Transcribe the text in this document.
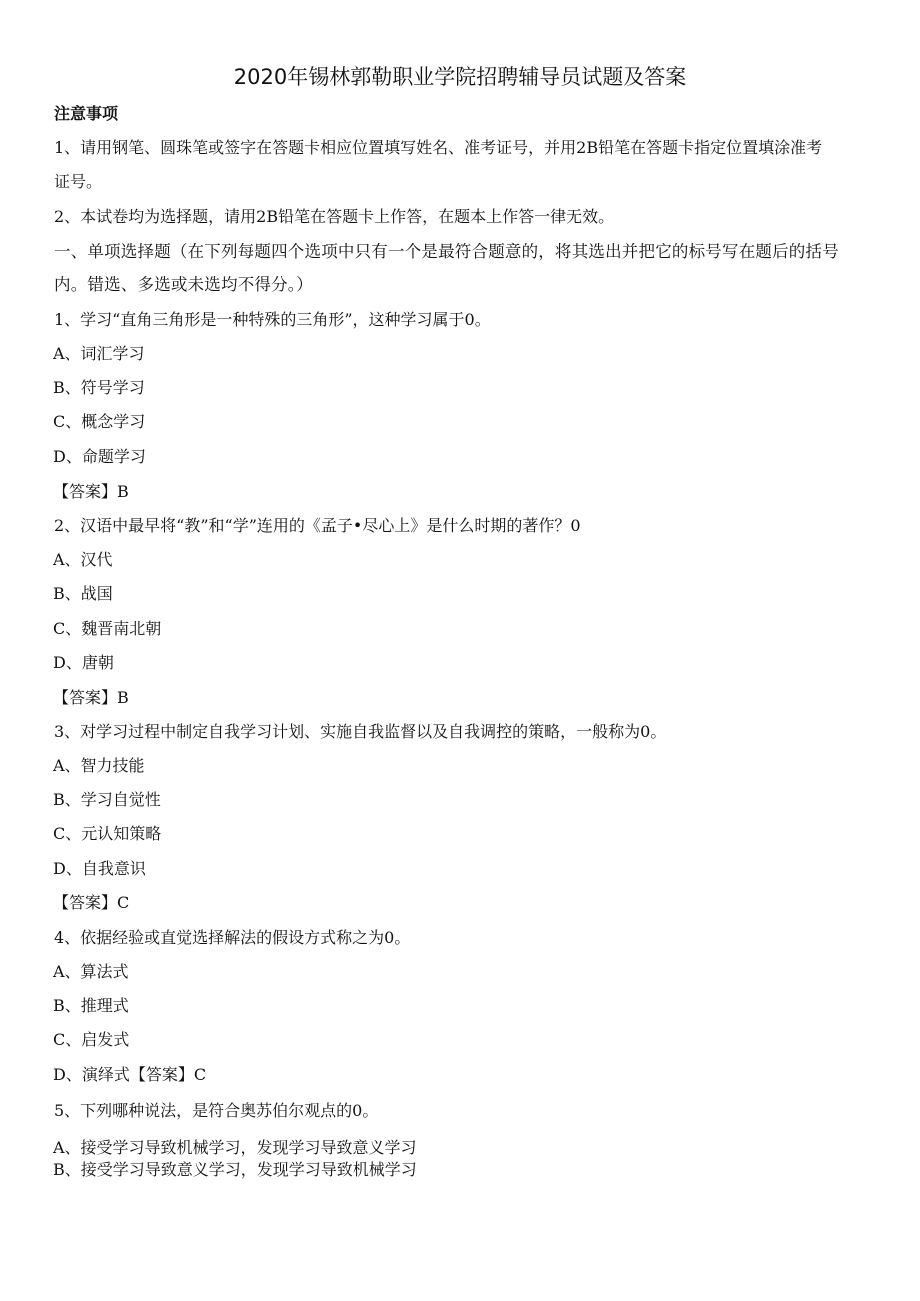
2020年锡林郭勒职业学院招聘辅导员试题及答案
注意事项
1、请用钢笔、圆珠笔或签字在答题卡相应位置填写姓名、准考证号，并用2B铅笔在答题卡指定位置填涂准考
证号。
2、本试卷均为选择题，请用2B铅笔在答题卡上作答，在题本上作答一律无效。
一、单项选择题（在下列每题四个选项中只有一个是最符合题意的，将其选出并把它的标号写在题后的括号
内。错选、多选或未选均不得分。）
1、学习“直角三角形是一种特殊的三角形”，这种学习属于0。
A、词汇学习
B、符号学习
C、概念学习
D、命题学习
【答案】B
2、汉语中最早将“教”和“学”连用的《孟子•尽心上》是什么时期的著作？0
A、汉代
B、战国
C、魏晋南北朝
D、唐朝
【答案】B
3、对学习过程中制定自我学习计划、实施自我监督以及自我调控的策略，一般称为0。
A、智力技能
B、学习自觉性
C、元认知策略
D、自我意识
【答案】C
4、依据经验或直觉选择解法的假设方式称之为0。
A、算法式
B、推理式
C、启发式
D、演绎式【答案】C
5、下列哪种说法，是符合奥苏伯尔观点的0。
A、接受学习导致机械学习，发现学习导致意义学习
B、接受学习导致意义学习，发现学习导致机械学习
